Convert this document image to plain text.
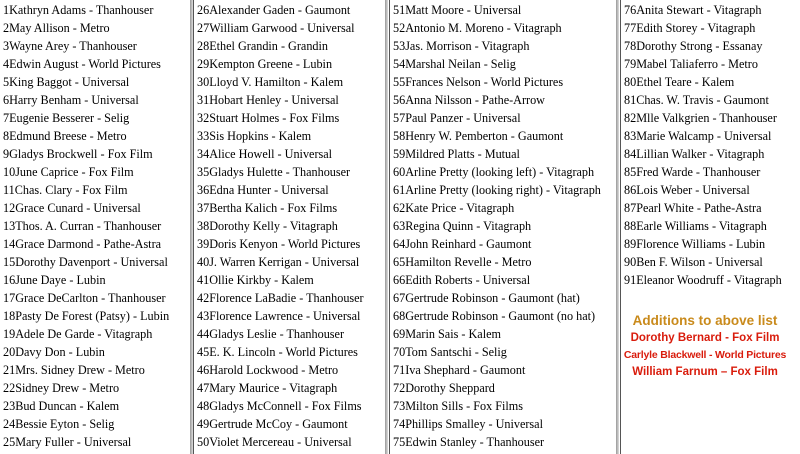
1Kathryn Adams - Thanhouser
2May Allison - Metro
3Wayne Arey - Thanhouser
4Edwin August - World Pictures
5King Baggot - Universal
6Harry Benham - Universal
7Eugenie Besserer - Selig
8Edmund Breese - Metro
9Gladys Brockwell - Fox Film
10June Caprice - Fox Film
11Chas. Clary - Fox Film
12Grace Cunard - Universal
13Thos. A. Curran - Thanhouser
14Grace Darmond - Pathe-Astra
15Dorothy Davenport - Universal
16June Daye - Lubin
17Grace DeCarlton - Thanhouser
18Pasty De Forest (Patsy) - Lubin
19Adele De Garde - Vitagraph
20Davy Don - Lubin
21Mrs. Sidney Drew - Metro
22Sidney Drew - Metro
23Bud Duncan - Kalem
24Bessie Eyton - Selig
25Mary Fuller - Universal
26Alexander Gaden - Gaumont
27William Garwood - Universal
28Ethel Grandin - Grandin
29Kempton Greene - Lubin
30Lloyd V. Hamilton - Kalem
31Hobart Henley - Universal
32Stuart Holmes - Fox Films
33Sis Hopkins - Kalem
34Alice Howell - Universal
35Gladys Hulette - Thanhouser
36Edna Hunter - Universal
37Bertha Kalich - Fox Films
38Dorothy Kelly - Vitagraph
39Doris Kenyon - World Pictures
40J. Warren Kerrigan - Universal
41Ollie Kirkby - Kalem
42Florence LaBadie - Thanhouser
43Florence Lawrence - Universal
44Gladys Leslie - Thanhouser
45E. K. Lincoln - World Pictures
46Harold Lockwood - Metro
47Mary Maurice - Vitagraph
48Gladys McConnell - Fox Films
49Gertrude McCoy - Gaumont
50Violet Mercereau - Universal
51Matt Moore - Universal
52Antonio M. Moreno - Vitagraph
53Jas. Morrison - Vitagraph
54Marshal Neilan - Selig
55Frances Nelson - World Pictures
56Anna Nilsson - Pathe-Arrow
57Paul Panzer - Universal
58Henry W. Pemberton - Gaumont
59Mildred Platts - Mutual
60Arline Pretty (looking left) - Vitagraph
61Arline Pretty (looking right) - Vitagraph
62Kate Price - Vitagraph
63Regina Quinn - Vitagraph
64John Reinhard - Gaumont
65Hamilton Revelle - Metro
66Edith Roberts - Universal
67Gertrude Robinson - Gaumont (hat)
68Gertrude Robinson - Gaumont (no hat)
69Marin Sais - Kalem
70Tom Santschi - Selig
71Iva Shephard - Gaumont
72Dorothy Sheppard
73Milton Sills - Fox Films
74Phillips Smalley - Universal
75Edwin Stanley - Thanhouser
76Anita Stewart - Vitagraph
77Edith Storey - Vitagraph
78Dorothy Strong - Essanay
79Mabel Taliaferro - Metro
80Ethel Teare - Kalem
81Chas. W. Travis - Gaumont
82Mlle Valkgrien - Thanhouser
83Marie Walcamp - Universal
84Lillian Walker - Vitagraph
85Fred Warde - Thanhouser
86Lois Weber - Universal
87Pearl White - Pathe-Astra
88Earle Williams - Vitagraph
89Florence Williams - Lubin
90Ben F. Wilson - Universal
91Eleanor Woodruff - Vitagraph
Additions to above list
Dorothy Bernard - Fox Film
Carlyle Blackwell - World Pictures
William Farnum – Fox Film
